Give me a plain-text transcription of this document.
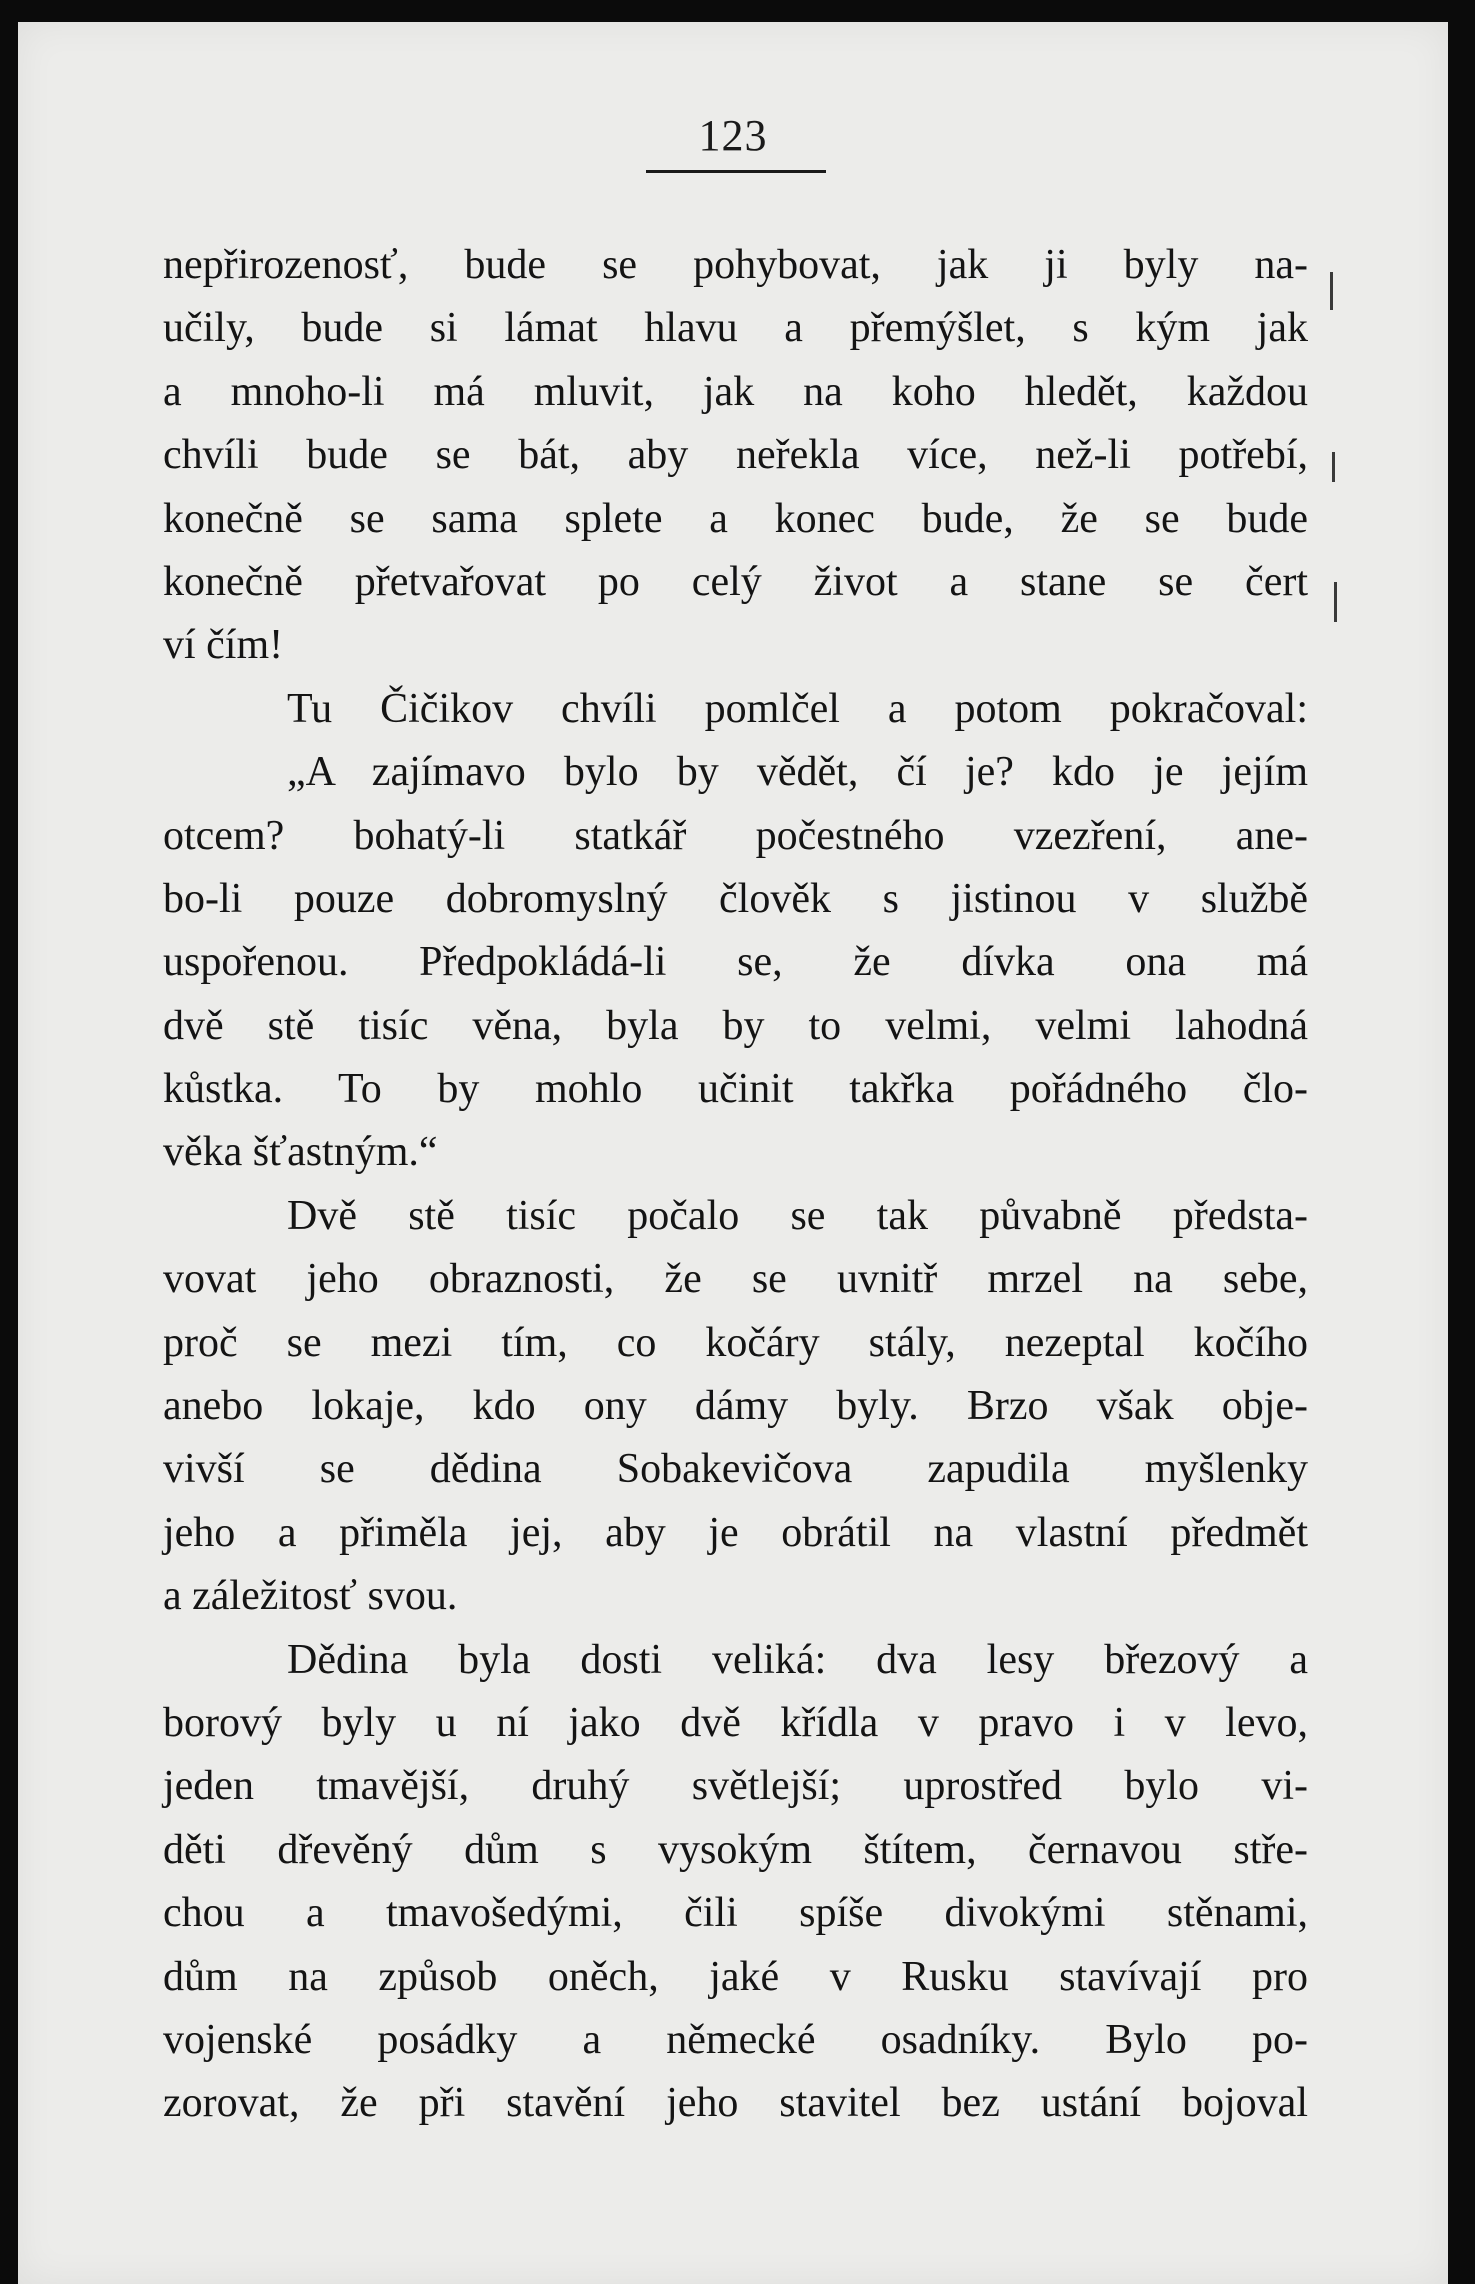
123
nepřirozenosť, bude se pohybovat, jak ji byly na-
učily, bude si lámat hlavu a přemýšlet, s kým jak
a mnoho-li má mluvit, jak na koho hledět, každou
chvíli bude se bát, aby neřekla více, než-li potřebí,
konečně se sama splete a konec bude, že se bude
konečně přetvařovat po celý život a stane se čert
ví čím!
Tu Čičikov chvíli pomlčel a potom pokračoval:
„A zajímavo bylo by vědět, čí je? kdo je jejím
otcem? bohatý-li statkář počestného vzezření, ane-
bo-li pouze dobromyslný člověk s jistinou v službě
uspořenou. Předpokládá-li se, že dívka ona má
dvě stě tisíc věna, byla by to velmi, velmi lahodná
kůstka. To by mohlo učinit takřka pořádného člo-
věka šťastným.“
Dvě stě tisíc počalo se tak půvabně předsta-
vovat jeho obraznosti, že se uvnitř mrzel na sebe,
proč se mezi tím, co kočáry stály, nezeptal kočího
anebo lokaje, kdo ony dámy byly. Brzo však obje-
vivší se dědina Sobakevičova zapudila myšlenky
jeho a přiměla jej, aby je obrátil na vlastní předmět
a záležitosť svou.
Dědina byla dosti veliká: dva lesy březový a
borový byly u ní jako dvě křídla v pravo i v levo,
jeden tmavější, druhý světlejší; uprostřed bylo vi-
děti dřevěný dům s vysokým štítem, černavou stře-
chou a tmavošedými, čili spíše divokými stěnami,
dům na způsob oněch, jaké v Rusku stavívají pro
vojenské posádky a německé osadníky. Bylo po-
zorovat, že při stavění jeho stavitel bez ustání bojoval
